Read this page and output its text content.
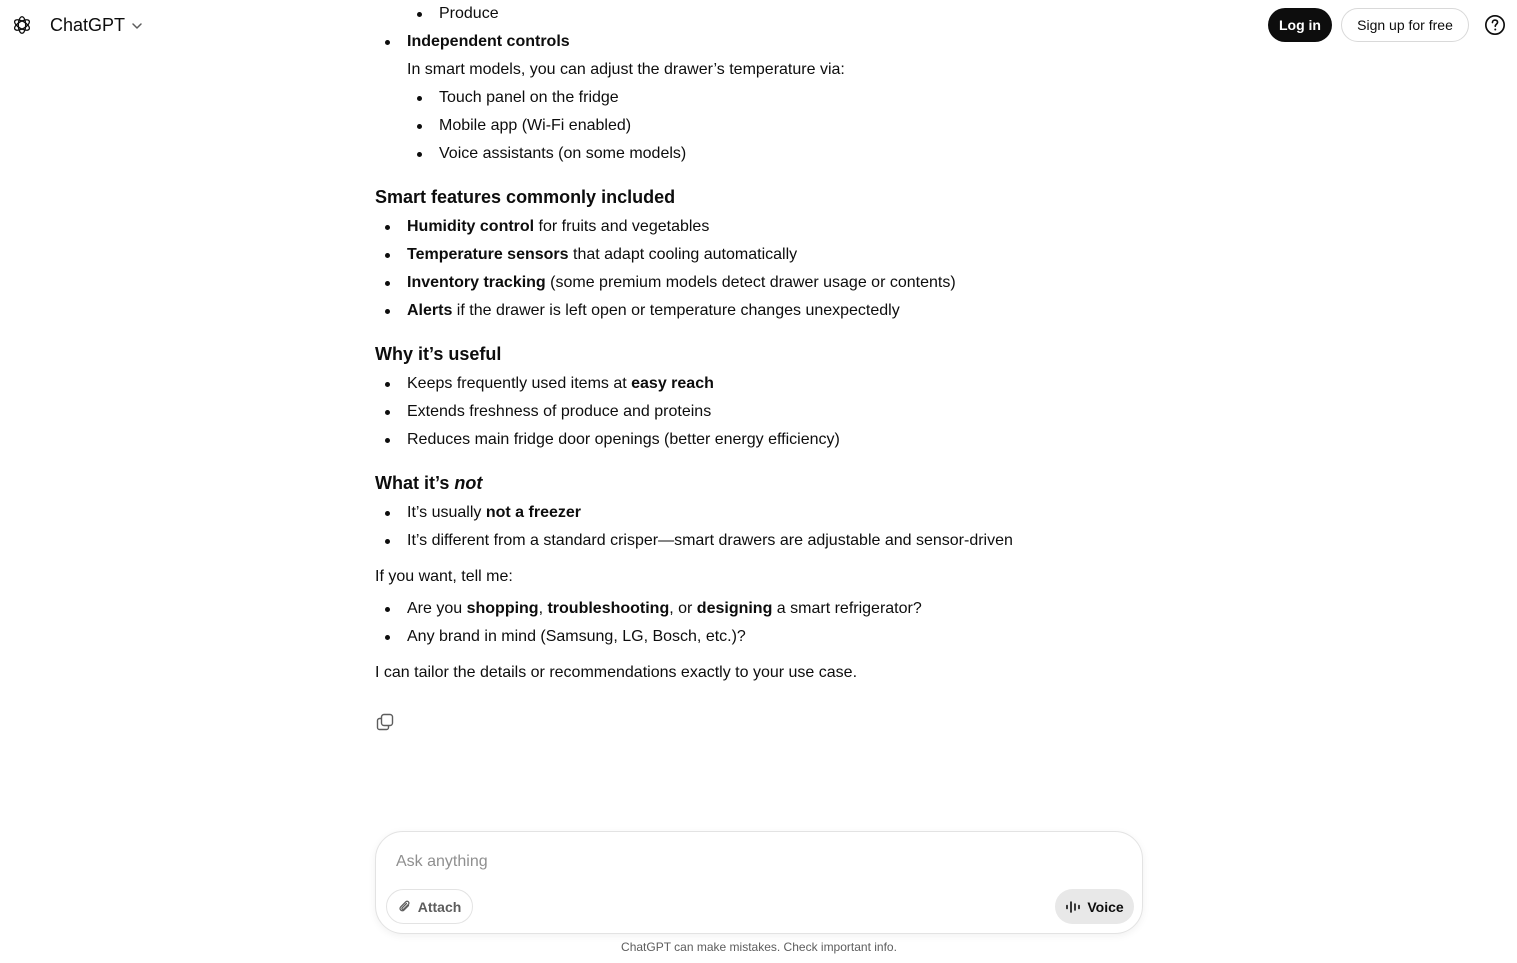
ChatGPT	Log in	Sign up for free
Produce
Independent controls
In smart models, you can adjust the drawer’s temperature via:
Touch panel on the fridge
Mobile app (Wi-Fi enabled)
Voice assistants (on some models)
Smart features commonly included
Humidity control for fruits and vegetables
Temperature sensors that adapt cooling automatically
Inventory tracking (some premium models detect drawer usage or contents)
Alerts if the drawer is left open or temperature changes unexpectedly
Why it’s useful
Keeps frequently used items at easy reach
Extends freshness of produce and proteins
Reduces main fridge door openings (better energy efficiency)
What it’s not
It’s usually not a freezer
It’s different from a standard crisper—smart drawers are adjustable and sensor-driven

If you want, tell me:

Are you shopping, troubleshooting, or designing a smart refrigerator?
Any brand in mind (Samsung, LG, Bosch, etc.)?

I can tailor the details or recommendations exactly to your use case.

Ask anything
Attach	Voice
ChatGPT can make mistakes. Check important info.
